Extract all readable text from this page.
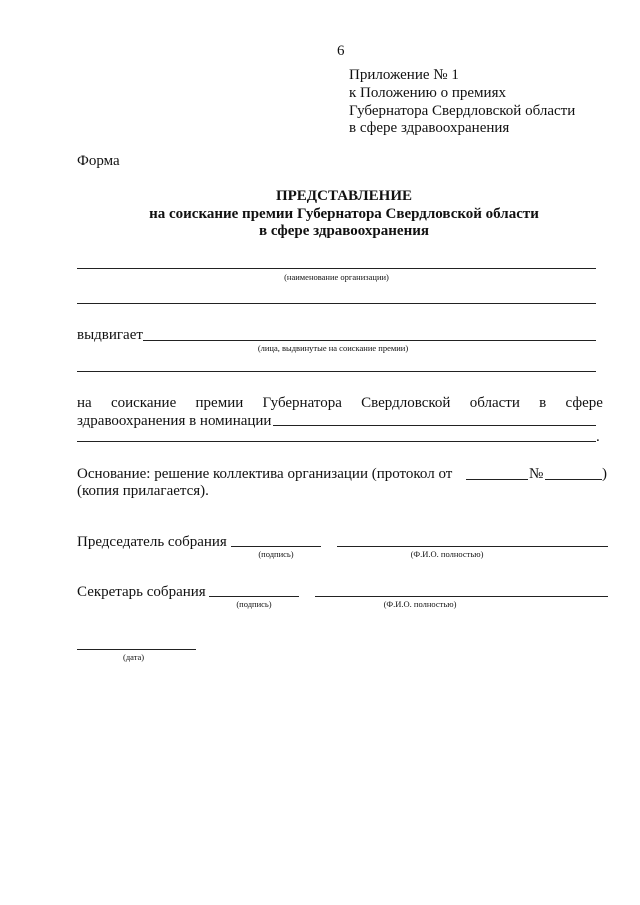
6
Приложение № 1
к Положению о премиях
Губернатора Свердловской области
в сфере здравоохранения
Форма
ПРЕДСТАВЛЕНИЕ
на соискание премии Губернатора Свердловской области
в сфере здравоохранения
(наименование организации)
выдвигает
(лица, выдвинутые на соискание премии)
на соискание премии Губернатора Свердловской области в сфере
здравоохранения в номинации
.
Основание: решение коллектива организации (протокол от	№	)
(копия прилагается).
Председатель собрания
(подпись)	(Ф.И.О. полностью)
Секретарь собрания
(подпись)	(Ф.И.О. полностью)
(дата)
